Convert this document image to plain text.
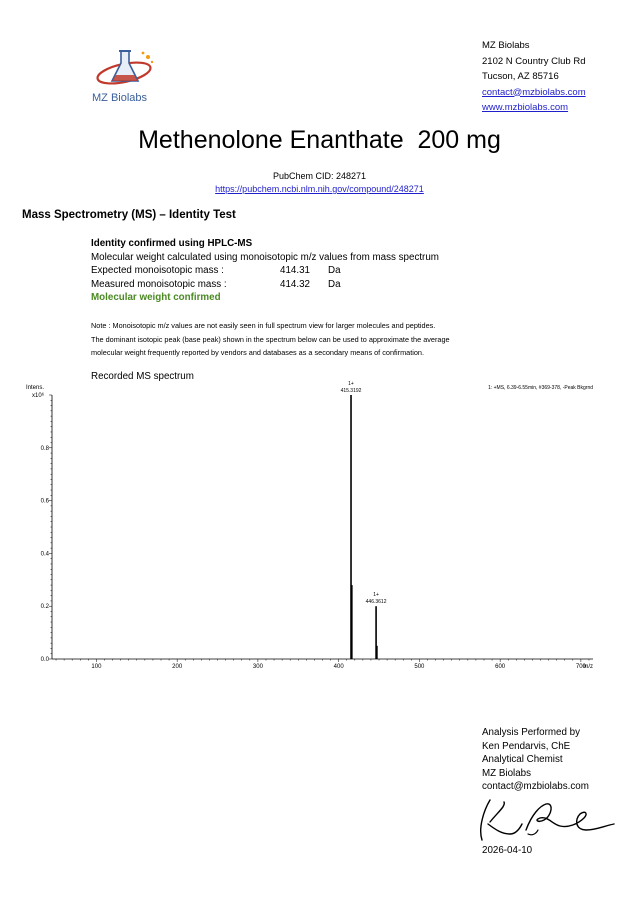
MZ Biolabs
MZ Biolabs
2102 N Country Club Rd
Tucson, AZ 85716
contact@mzbiolabs.com
www.mzbiolabs.com
Methenolone Enanthate  200 mg
PubChem CID: 248271
https://pubchem.ncbi.nlm.nih.gov/compound/248271
Mass Spectrometry (MS) – Identity Test
Identity confirmed using HPLC-MS
Molecular weight calculated using monoisotopic m/z values from mass spectrum
Expected monoisotopic mass :	414.31	Da
Measured monoisotopic mass :	414.32	Da
Molecular weight confirmed
Note : Monoisotopic m/z values are not easily seen in full spectrum view for larger molecules and peptides.
The dominant isotopic peak (base peak) shown in the spectrum below can be used to approximate the average
molecular weight frequently reported by vendors and databases as a secondary means of confirmation.
Recorded MS spectrum
Intens.
x10⁶
1: +MS, 6.39-6.55min, #369-378, -Peak Bkgrnd
m/z
100	200	300	400	500	600	700
0.0
0.2
0.4
0.6
0.8
1+
415.3192
1+
446.3612
Analysis Performed by
Ken Pendarvis, ChE
Analytical Chemist
MZ Biolabs
contact@mzbiolabs.com
2026-04-10
